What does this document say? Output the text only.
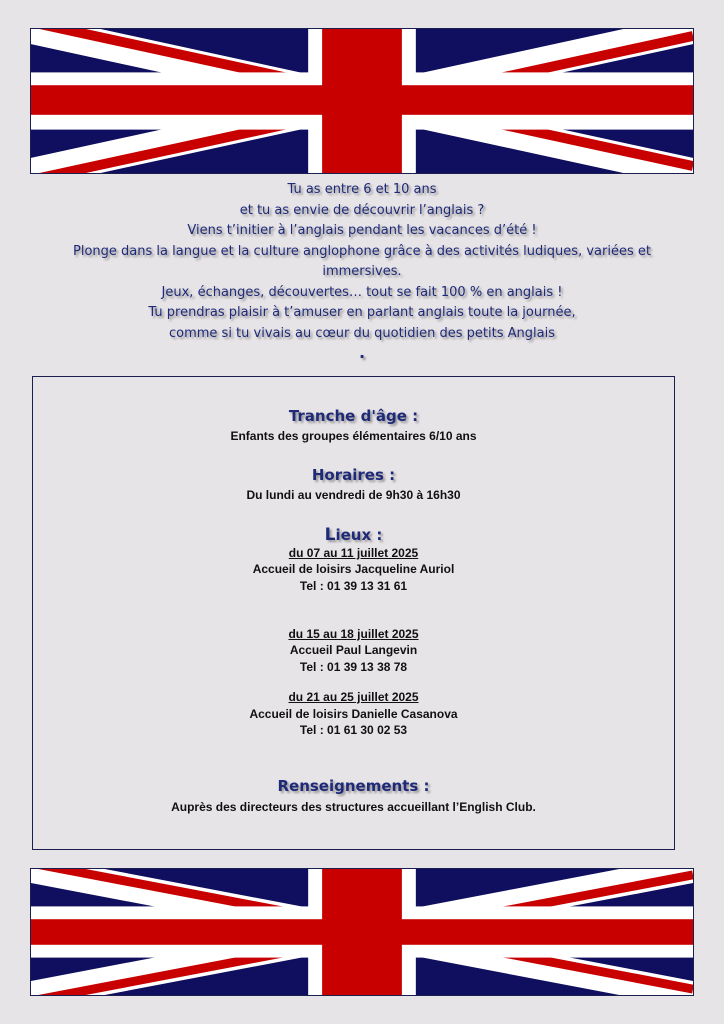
Tu as entre 6 et 10 ans

et tu as envie de découvrir l’anglais ?

Viens t’initier à l’anglais pendant les vacances d’été !

Plonge dans la langue et la culture anglophone grâce à des activités ludiques, variées et

immersives.

Jeux, échanges, découvertes… tout se fait 100 % en anglais !

Tu prendras plaisir à t’amuser en parlant anglais toute la journée,

comme si tu vivais au cœur du quotidien des petits Anglais

.

Tranche d'âge :

Enfants des groupes élémentaires 6/10 ans

Horaires :

Du lundi au vendredi de 9h30 à 16h30

Lieux :

du 07 au 11 juillet 2025

Accueil de loisirs Jacqueline Auriol

Tel : 01 39 13 31 61

du 15 au 18 juillet 2025

Accueil Paul Langevin

Tel : 01 39 13 38 78

du 21 au 25 juillet 2025

Accueil de loisirs Danielle Casanova

Tel : 01 61 30 02 53

Renseignements :

Auprès des directeurs des structures accueillant l’English Club.
